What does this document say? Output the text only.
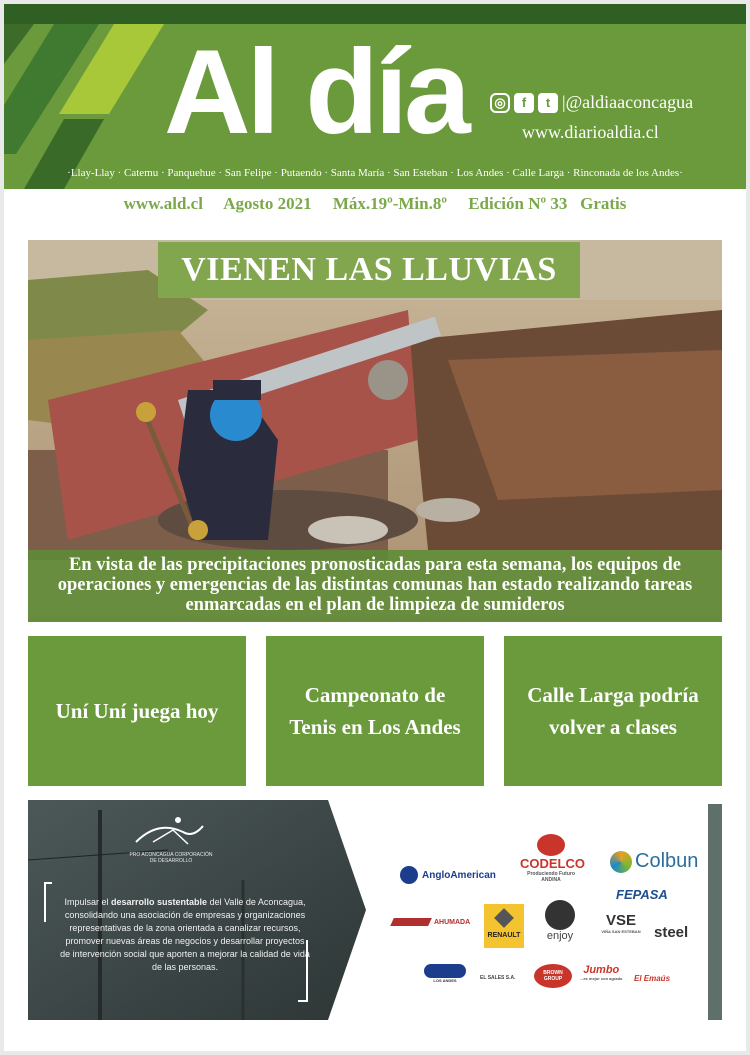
Al día	◎	f	t |@aldiaaconcagua
www.diarioaldia.cl
·Llay-Llay · Catemu · Panquehue · San Felipe · Putaendo · Santa María · San Esteban · Los Andes · Calle Larga · Rinconada de los Andes·
www.ald.cl     Agosto 2021     Máx.19º-Min.8º     Edición Nº 33   Gratis
VIENEN LAS LLUVIAS
En vista de las precipitaciones pronosticadas para esta semana, los equipos de operaciones y emergencias de las distintas comunas han estado realizando tareas enmarcadas en el plan de limpieza de sumideros
Uní Uní juega hoy
Campeonato de Tenis en Los Andes
Calle Larga podría volver a clases
PRO ACONCAGUA CORPORACIÓN DE DESARROLLO
Impulsar el desarrollo sustentable del Valle de Aconcagua, consolidando una asociación de empresas y organizaciones representativas de la zona orientada a canalizar recursos, promover nuevas áreas de negocios y desarrollar proyectos de intervención social que aporten a mejorar la calidad de vida de las personas.
AngloAmerican
CODELCO
Produciendo Futuro
ANDINA
Colbun
FEPASA
AHUMADA
RENAULT	enjoy
VSE
VIÑA SAN ESTEBAN steel
LOS ANDES	EL SALES S.A.
BROWN GROUP
Jumbo
...es mejor con agrado El Emaús
